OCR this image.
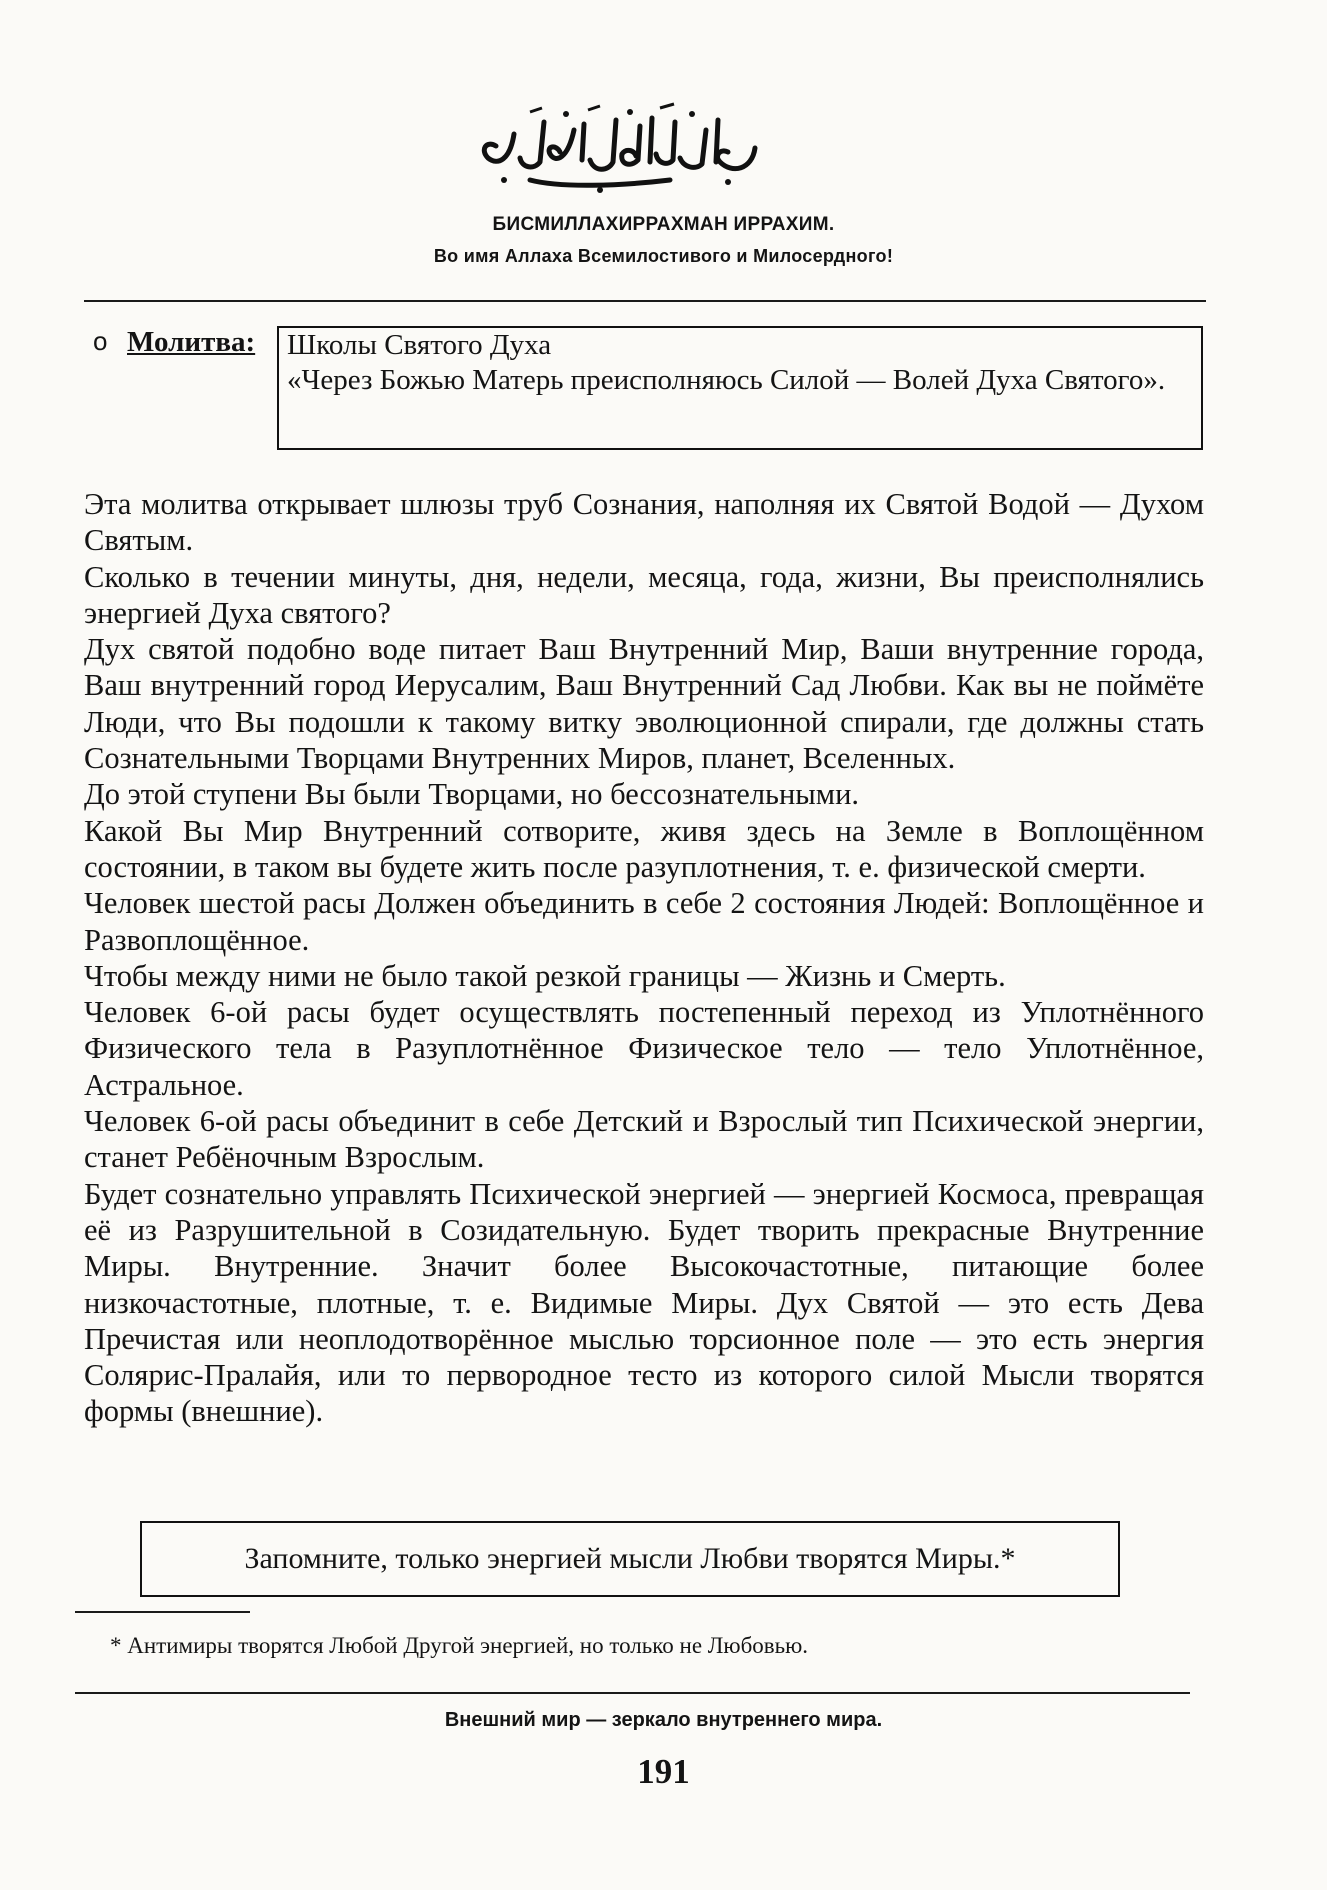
БИСМИЛЛАХИРРАХМАН ИРРАХИМ.
Во имя Аллаха Всемилостивого и Милосердного!
о Молитва: Школы Святого Духа

«Через Божью Матерь преисполняюсь Силой — Волей Духа Святого».

Эта молитва открывает шлюзы труб Сознания, наполняя их Святой Водой — Духом Святым.

Сколько в течении минуты, дня, недели, месяца, года, жизни, Вы преисполнялись энергией Духа святого?

Дух святой подобно воде питает Ваш Внутренний Мир, Ваши внутренние города, Ваш внутренний город Иерусалим, Ваш Внутренний Сад Любви. Как вы не поймёте Люди, что Вы подошли к такому витку эволюционной спирали, где должны стать Сознательными Творцами Внутренних Миров, планет, Вселенных.

До этой ступени Вы были Творцами, но бессознательными.

Какой Вы Мир Внутренний сотворите, живя здесь на Земле в Воплощённом состоянии, в таком вы будете жить после разуплотнения, т. е. физической смерти.

Человек шестой расы Должен объединить в себе 2 состояния Людей: Воплощённое и Развоплощённое.

Чтобы между ними не было такой резкой границы — Жизнь и Смерть.

Человек 6-ой расы будет осуществлять постепенный переход из Уплотнённого Физического тела в Разуплотнённое Физическое тело — тело Уплотнённое, Астральное.

Человек 6-ой расы объединит в себе Детский и Взрослый тип Психической энергии, станет Ребёночным Взрослым.

Будет сознательно управлять Психической энергией — энергией Космоса, превращая её из Разрушительной в Созидательную. Будет творить прекрасные Внутренние Миры. Внутренние. Значит более Высокочастотные, питающие более низкочастотные, плотные, т. е. Видимые Миры. Дух Святой — это есть Дева Пречистая или неоплодотворённое мыслью торсионное поле — это есть энергия Солярис-Пралайя, или то первородное тесто из которого силой Мысли творятся формы (внешние).

Запомните, только энергией мысли Любви творятся Миры.*
* Антимиры творятся Любой Другой энергией, но только не Любовью.
Внешний мир — зеркало внутреннего мира.
191
